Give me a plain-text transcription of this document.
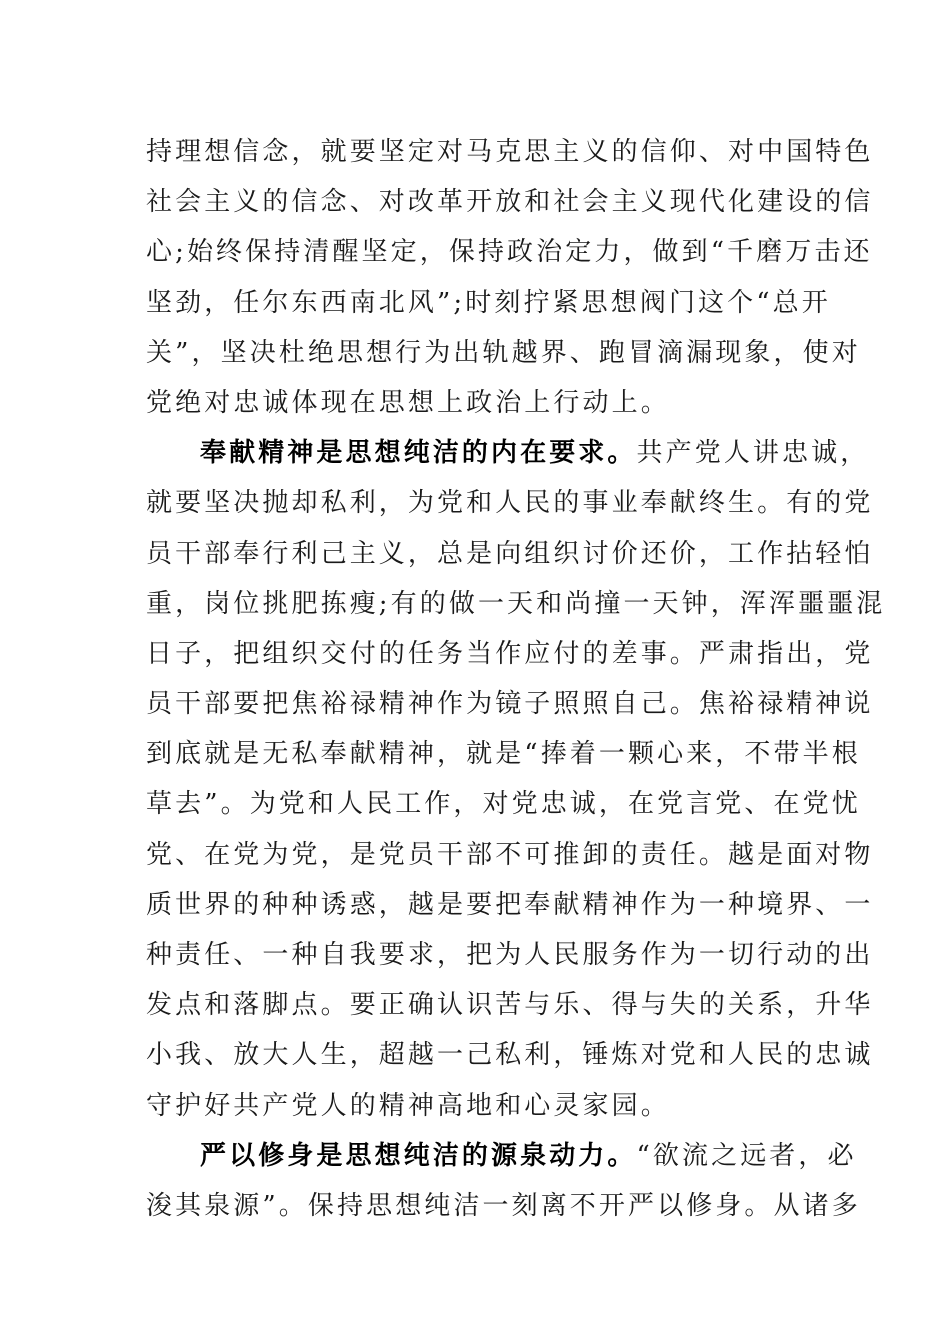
持理想信念，就要坚定对马克思主义的信仰、对中国特色
社会主义的信念、对改革开放和社会主义现代化建设的信
心;始终保持清醒坚定，保持政治定力，做到“千磨万击还
坚劲，任尔东西南北风”;时刻拧紧思想阀门这个“总开
关”，坚决杜绝思想行为出轨越界、跑冒滴漏现象，使对
党绝对忠诚体现在思想上政治上行动上。
奉献精神是思想纯洁的内在要求。共产党人讲忠诚，
就要坚决抛却私利，为党和人民的事业奉献终生。有的党
员干部奉行利己主义，总是向组织讨价还价，工作拈轻怕
重，岗位挑肥拣瘦;有的做一天和尚撞一天钟，浑浑噩噩混
日子，把组织交付的任务当作应付的差事。严肃指出，党
员干部要把焦裕禄精神作为镜子照照自己。焦裕禄精神说
到底就是无私奉献精神，就是“捧着一颗心来，不带半根
草去”。为党和人民工作，对党忠诚，在党言党、在党忧
党、在党为党，是党员干部不可推卸的责任。越是面对物
质世界的种种诱惑，越是要把奉献精神作为一种境界、一
种责任、一种自我要求，把为人民服务作为一切行动的出
发点和落脚点。要正确认识苦与乐、得与失的关系，升华
小我、放大人生，超越一己私利，锤炼对党和人民的忠诚
守护好共产党人的精神高地和心灵家园。
严以修身是思想纯洁的源泉动力。“欲流之远者，必
浚其泉源”。保持思想纯洁一刻离不开严以修身。从诸多
